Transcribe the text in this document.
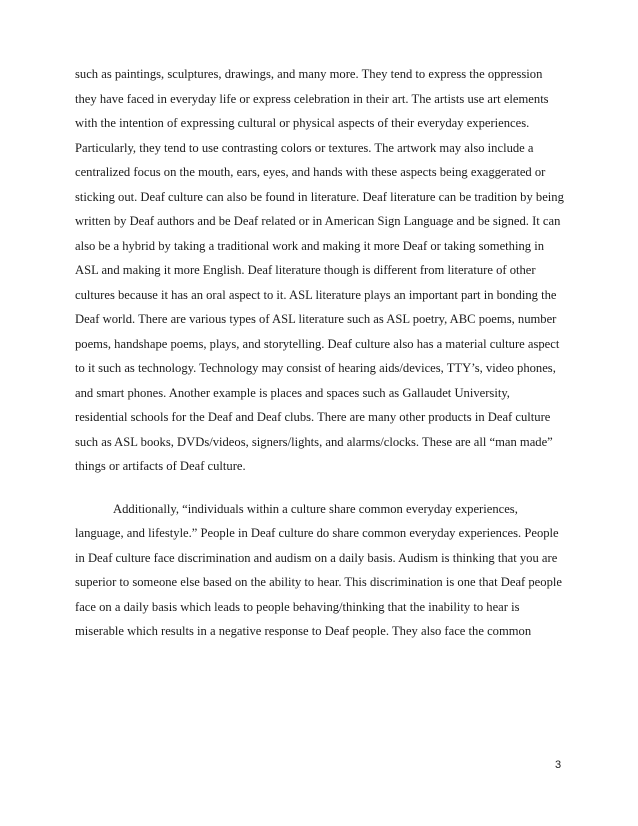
such as paintings, sculptures, drawings, and many more. They tend to express the oppression
they have faced in everyday life or express celebration in their art. The artists use art elements
with the intention of expressing cultural or physical aspects of their everyday experiences.
Particularly, they tend to use contrasting colors or textures. The artwork may also include a
centralized focus on the mouth, ears, eyes, and hands with these aspects being exaggerated or
sticking out. Deaf culture can also be found in literature. Deaf literature can be tradition by being
written by Deaf authors and be Deaf related or in American Sign Language and be signed. It can
also be a hybrid by taking a traditional work and making it more Deaf or taking something in
ASL and making it more English. Deaf literature though is different from literature of other
cultures because it has an oral aspect to it. ASL literature plays an important part in bonding the
Deaf world. There are various types of ASL literature such as ASL poetry, ABC poems, number
poems, handshape poems, plays, and storytelling. Deaf culture also has a material culture aspect
to it such as technology. Technology may consist of hearing aids/devices, TTY’s, video phones,
and smart phones. Another example is places and spaces such as Gallaudet University,
residential schools for the Deaf and Deaf clubs. There are many other products in Deaf culture
such as ASL books, DVDs/videos, signers/lights, and alarms/clocks. These are all “man made”
things or artifacts of Deaf culture.
Additionally, “individuals within a culture share common everyday experiences,
language, and lifestyle.” People in Deaf culture do share common everyday experiences. People
in Deaf culture face discrimination and audism on a daily basis. Audism is thinking that you are
superior to someone else based on the ability to hear. This discrimination is one that Deaf people
face on a daily basis which leads to people behaving/thinking that the inability to hear is
miserable which results in a negative response to Deaf people. They also face the common
3
